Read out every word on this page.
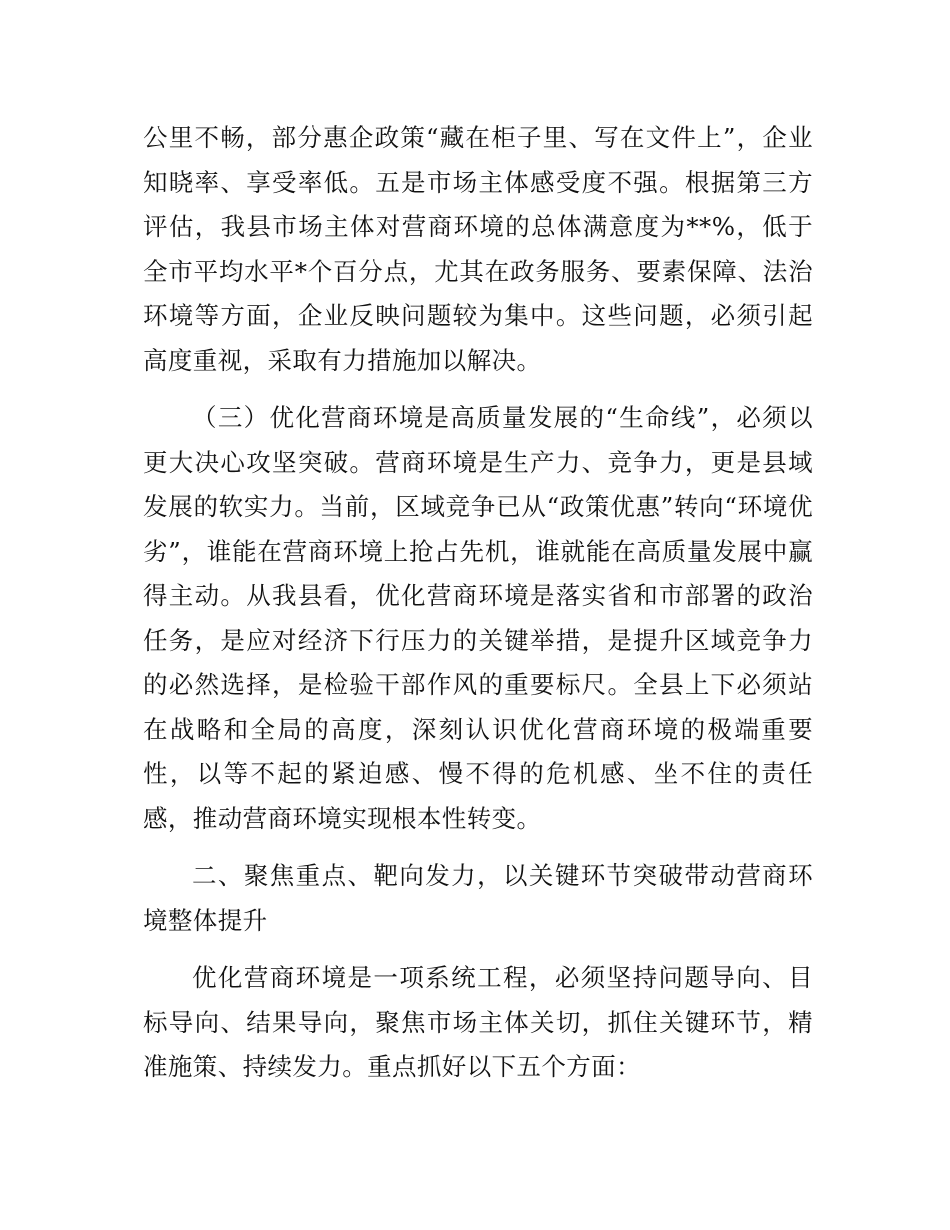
公里不畅，部分惠企政策“藏在柜子里、写在文件上”，企业知晓率、享受率低。五是市场主体感受度不强。根据第三方评估，我县市场主体对营商环境的总体满意度为**%，低于全市平均水平*个百分点，尤其在政务服务、要素保障、法治环境等方面，企业反映问题较为集中。这些问题，必须引起高度重视，采取有力措施加以解决。

（三）优化营商环境是高质量发展的“生命线”，必须以更大决心攻坚突破。营商环境是生产力、竞争力，更是县域发展的软实力。当前，区域竞争已从“政策优惠”转向“环境优劣”，谁能在营商环境上抢占先机，谁就能在高质量发展中赢得主动。从我县看，优化营商环境是落实省和市部署的政治任务，是应对经济下行压力的关键举措，是提升区域竞争力的必然选择，是检验干部作风的重要标尺。全县上下必须站在战略和全局的高度，深刻认识优化营商环境的极端重要性，以等不起的紧迫感、慢不得的危机感、坐不住的责任感，推动营商环境实现根本性转变。

二、聚焦重点、靶向发力，以关键环节突破带动营商环境整体提升

优化营商环境是一项系统工程，必须坚持问题导向、目标导向、结果导向，聚焦市场主体关切，抓住关键环节，精准施策、持续发力。重点抓好以下五个方面：
